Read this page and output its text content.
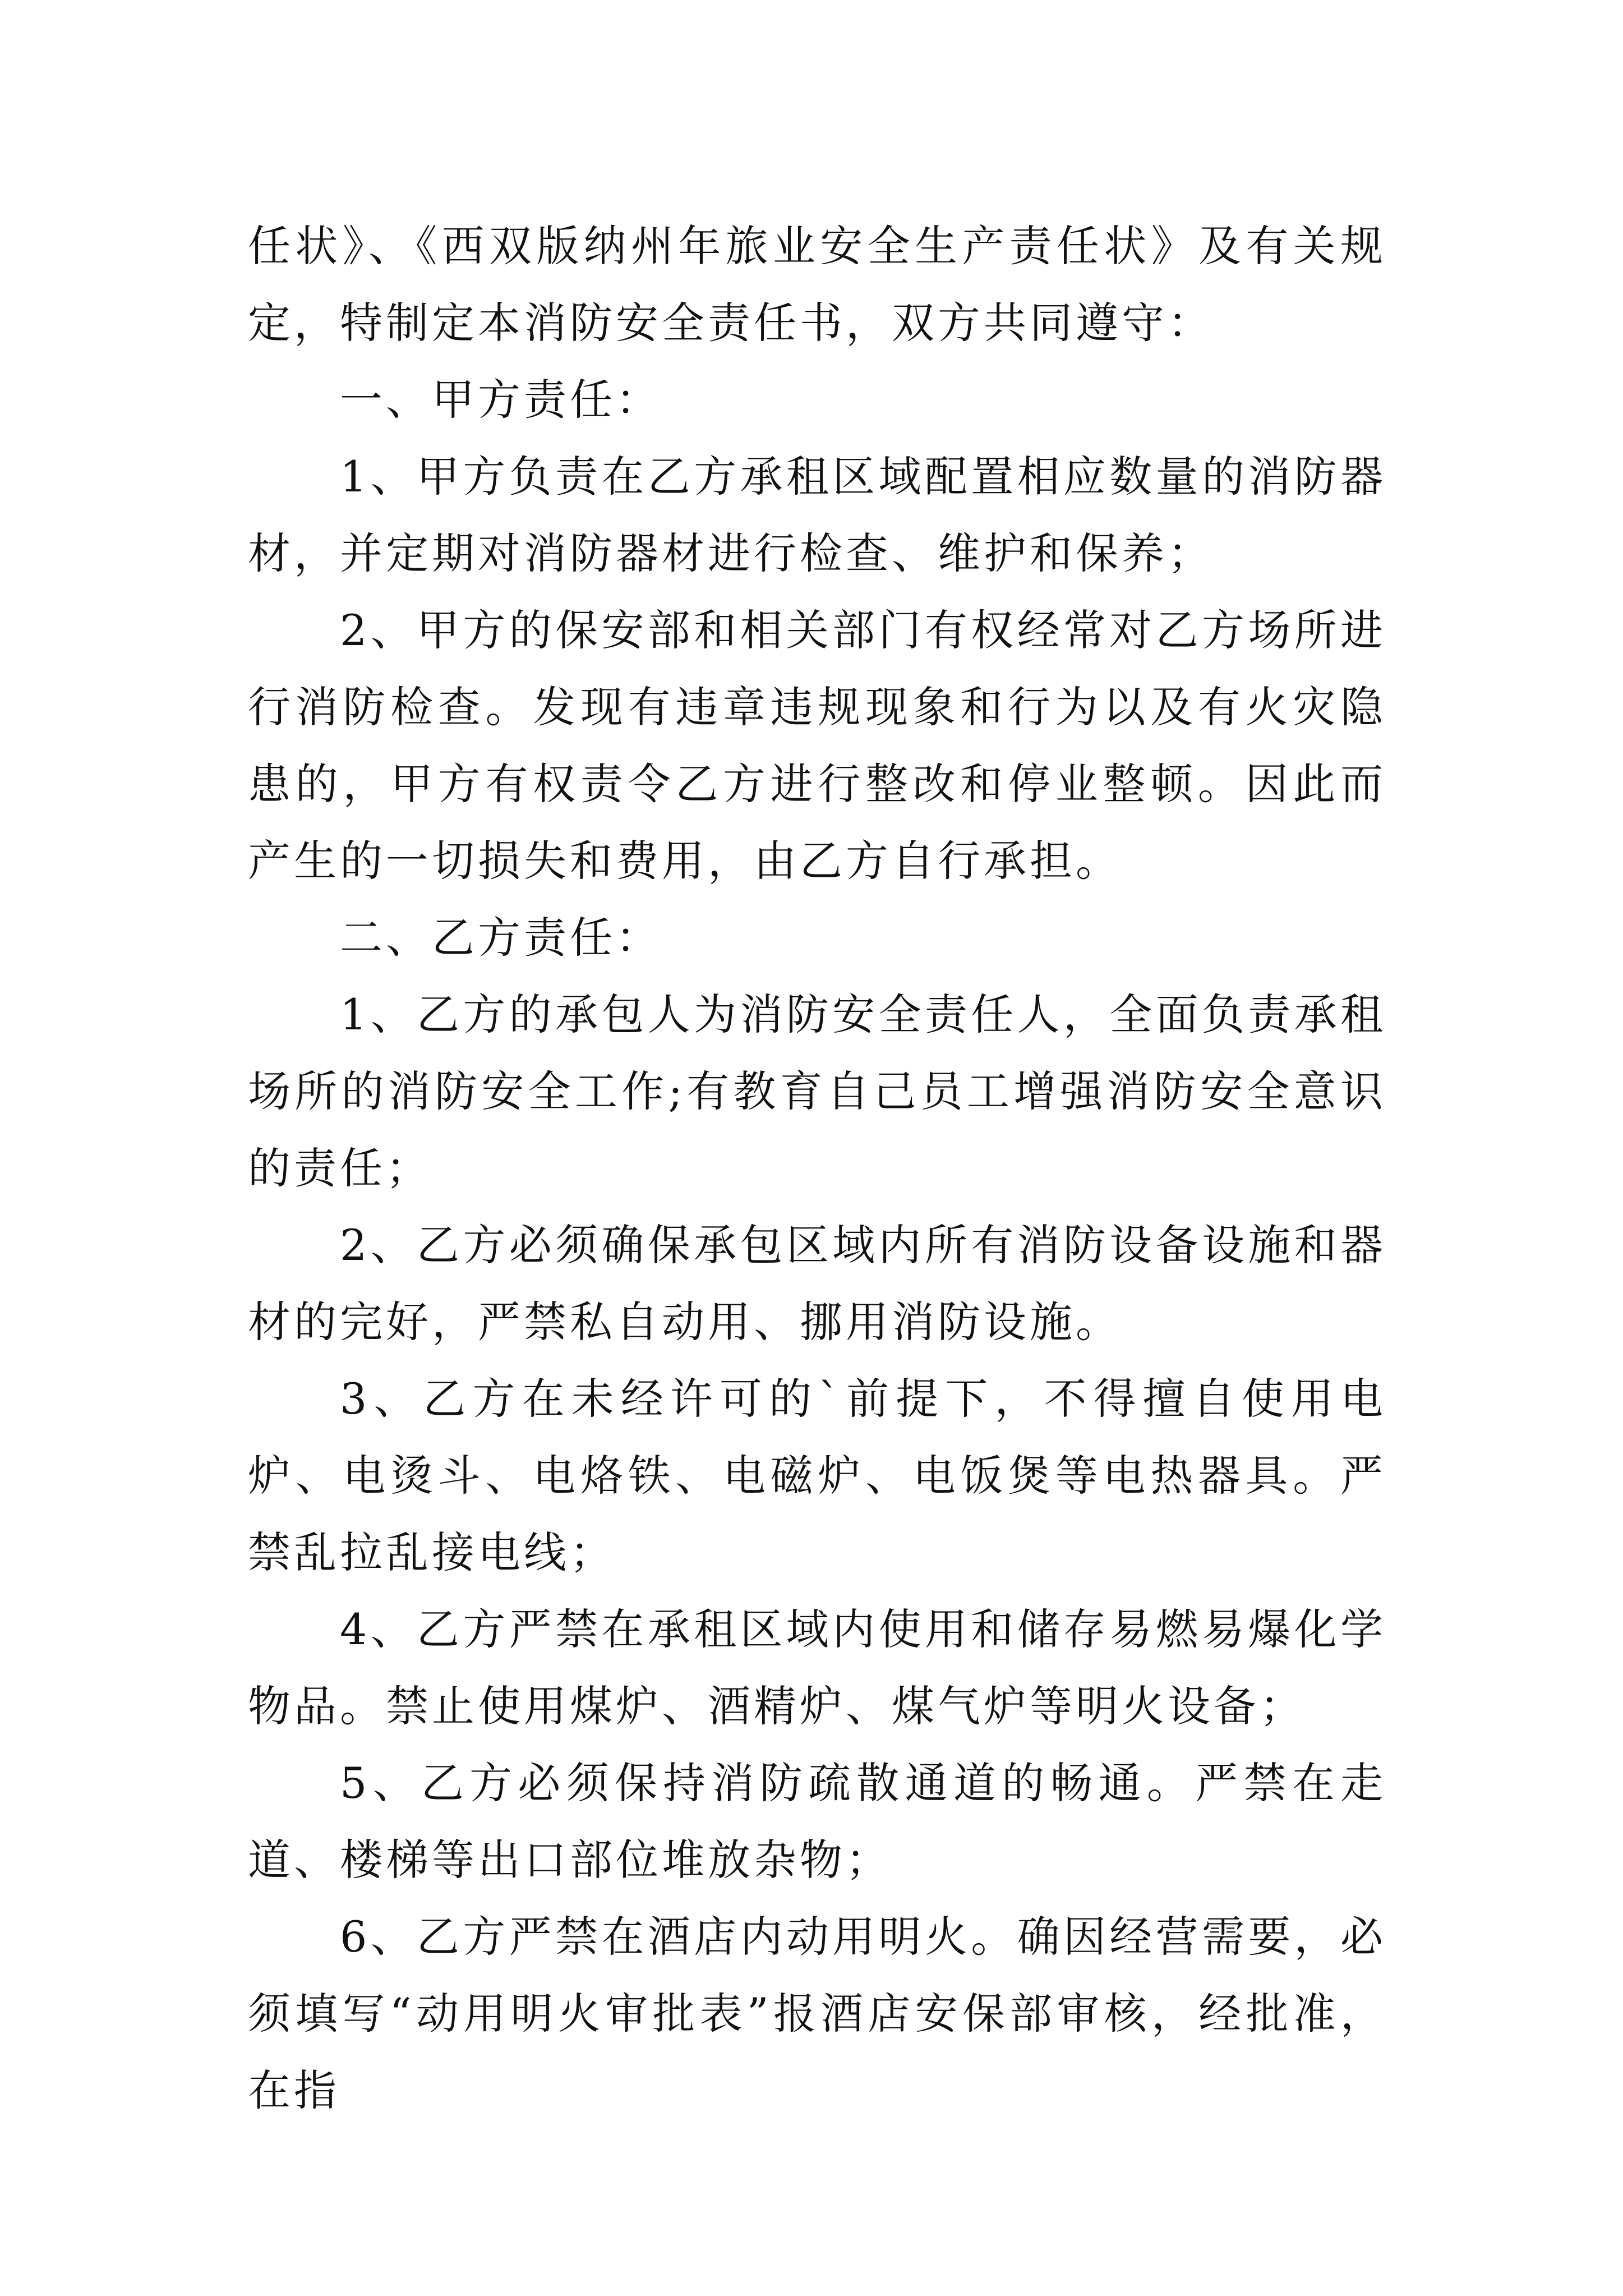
任状》、《西双版纳州年旅业安全生产责任状》及有关规定，特制定本消防安全责任书，双方共同遵守：

一、甲方责任：

1、甲方负责在乙方承租区域配置相应数量的消防器材，并定期对消防器材进行检查、维护和保养；

2、甲方的保安部和相关部门有权经常对乙方场所进行消防检查。发现有违章违规现象和行为以及有火灾隐患的，甲方有权责令乙方进行整改和停业整顿。因此而产生的一切损失和费用，由乙方自行承担。

二、乙方责任：

1、乙方的承包人为消防安全责任人，全面负责承租场所的消防安全工作;有教育自己员工增强消防安全意识的责任；

2、乙方必须确保承包区域内所有消防设备设施和器材的完好，严禁私自动用、挪用消防设施。

3、乙方在未经许可的`前提下，不得擅自使用电炉、电烫斗、电烙铁、电磁炉、电饭煲等电热器具。严禁乱拉乱接电线；

4、乙方严禁在承租区域内使用和储存易燃易爆化学物品。禁止使用煤炉、酒精炉、煤气炉等明火设备；

5、乙方必须保持消防疏散通道的畅通。严禁在走道、楼梯等出口部位堆放杂物；

6、乙方严禁在酒店内动用明火。确因经营需要，必须填写“动用明火审批表”报酒店安保部审核，经批准，在指
